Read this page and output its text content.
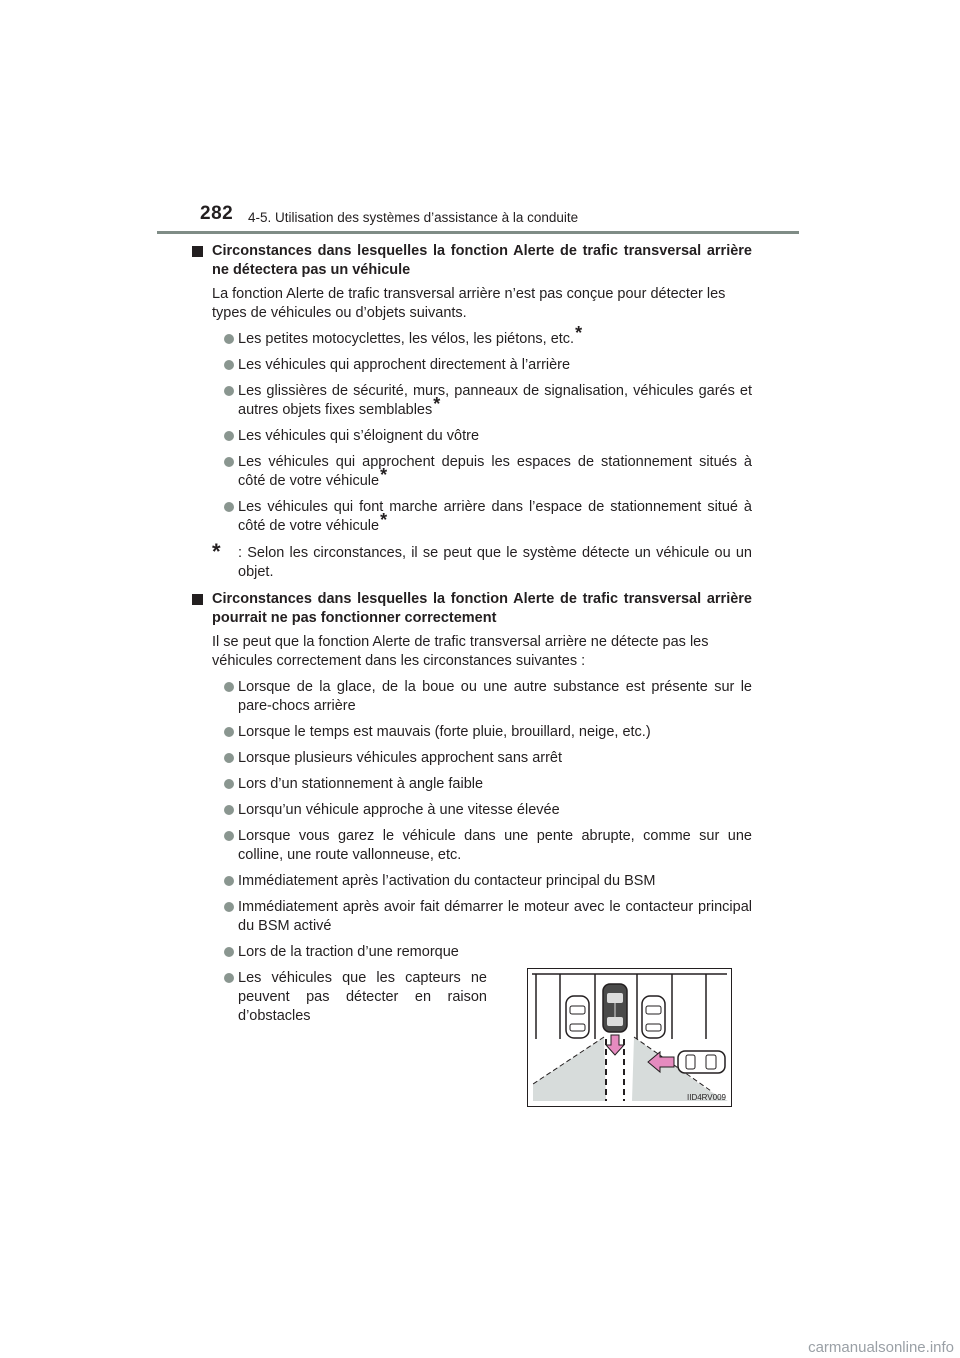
282 4-5. Utilisation des systèmes d’assistance à la conduite
Circonstances dans lesquelles la fonction Alerte de trafic transversal arrière ne détectera pas un véhicule
La fonction Alerte de trafic transversal arrière n’est pas conçue pour détecter les types de véhicules ou d’objets suivants.
Les petites motocyclettes, les vélos, les piétons, etc.*
Les véhicules qui approchent directement à l’arrière
Les glissières de sécurité, murs, panneaux de signalisation, véhicules garés et autres objets fixes semblables*
Les véhicules qui s’éloignent du vôtre
Les véhicules qui approchent depuis les espaces de stationnement situés à côté de votre véhicule*
Les véhicules qui font marche arrière dans l’espace de stationnement situé à côté de votre véhicule*
* : Selon les circonstances, il se peut que le système détecte un véhicule ou un objet.
Circonstances dans lesquelles la fonction Alerte de trafic transversal arrière pourrait ne pas fonctionner correctement
Il se peut que la fonction Alerte de trafic transversal arrière ne détecte pas les véhicules correctement dans les circonstances suivantes :
Lorsque de la glace, de la boue ou une autre substance est présente sur le pare-chocs arrière
Lorsque le temps est mauvais (forte pluie, brouillard, neige, etc.)
Lorsque plusieurs véhicules approchent sans arrêt
Lors d’un stationnement à angle faible
Lorsqu’un véhicule approche à une vitesse élevée
Lorsque vous garez le véhicule dans une pente abrupte, comme sur une colline, une route vallonneuse, etc.
Immédiatement après l’activation du contacteur principal du BSM
Immédiatement après avoir fait démarrer le moteur avec le contacteur principal du BSM activé
Lors de la traction d’une remorque
Les véhicules que les capteurs ne peuvent pas détecter en raison d’obstacles
IID4RV009
carmanualsonline.info
